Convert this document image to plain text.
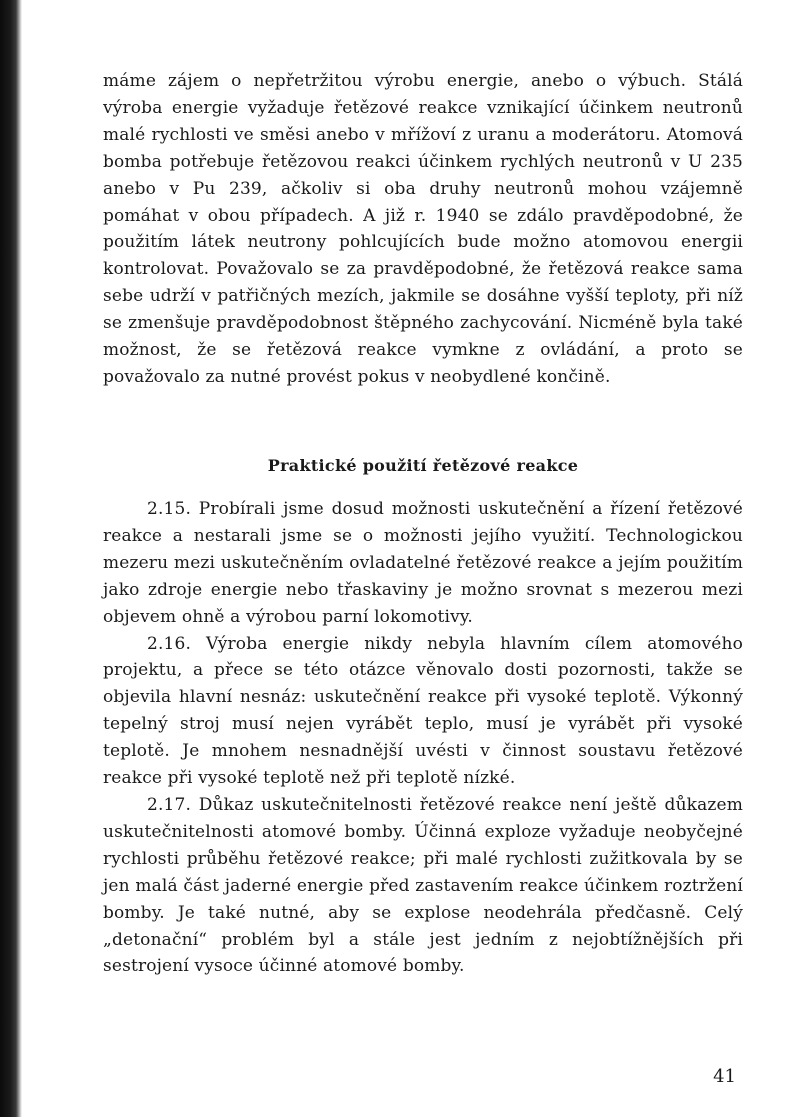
máme zájem o nepřetržitou výrobu energie, anebo o výbuch. Stálá výroba energie vyžaduje řetězové reakce vznikající účinkem neutronů malé rychlosti ve směsi anebo v mřížoví z uranu a moderátoru. Atomová bomba potřebuje řetězovou reakci účinkem rychlých neutronů v U 235 anebo v Pu 239, ačkoliv si oba druhy neutronů mohou vzájemně pomáhat v obou případech. A již r. 1940 se zdálo pravděpodobné, že použitím látek neutrony pohlcujících bude možno atomovou energii kontrolovat. Považovalo se za pravděpodobné, že řetězová reakce sama sebe udrží v patřičných mezích, jakmile se dosáhne vyšší teploty, při níž se zmenšuje pravděpodobnost štěpného zachycování. Nicméně byla také možnost, že se řetězová reakce vymkne z ovládání, a proto se považovalo za nutné provést pokus v neobydlené končině.

Praktické použití řetězové reakce

2.15. Probírali jsme dosud možnosti uskutečnění a řízení řetězové reakce a nestarali jsme se o možnosti jejího využití. Technologickou mezeru mezi uskutečněním ovladatelné řetězové reakce a jejím použitím jako zdroje energie nebo třaskaviny je možno srovnat s mezerou mezi objevem ohně a výrobou parní lokomotivy.

2.16. Výroba energie nikdy nebyla hlavním cílem atomového projektu, a přece se této otázce věnovalo dosti pozornosti, takže se objevila hlavní nesnáz: uskutečnění reakce při vysoké teplotě. Výkonný tepelný stroj musí nejen vyrábět teplo, musí je vyrábět při vysoké teplotě. Je mnohem nesnadnější uvésti v činnost soustavu řetězové reakce při vysoké teplotě než při teplotě nízké.

2.17. Důkaz uskutečnitelnosti řetězové reakce není ještě důkazem uskutečnitelnosti atomové bomby. Účinná exploze vyžaduje neobyčejné rychlosti průběhu řetězové reakce; při malé rychlosti zužitkovala by se jen malá část jaderné energie před zastavením reakce účinkem roztržení bomby. Je také nutné, aby se explose neodehrála předčasně. Celý „detonační“ problém byl a stále jest jedním z nejobtížnějších při sestrojení vysoce účinné atomové bomby.

41
